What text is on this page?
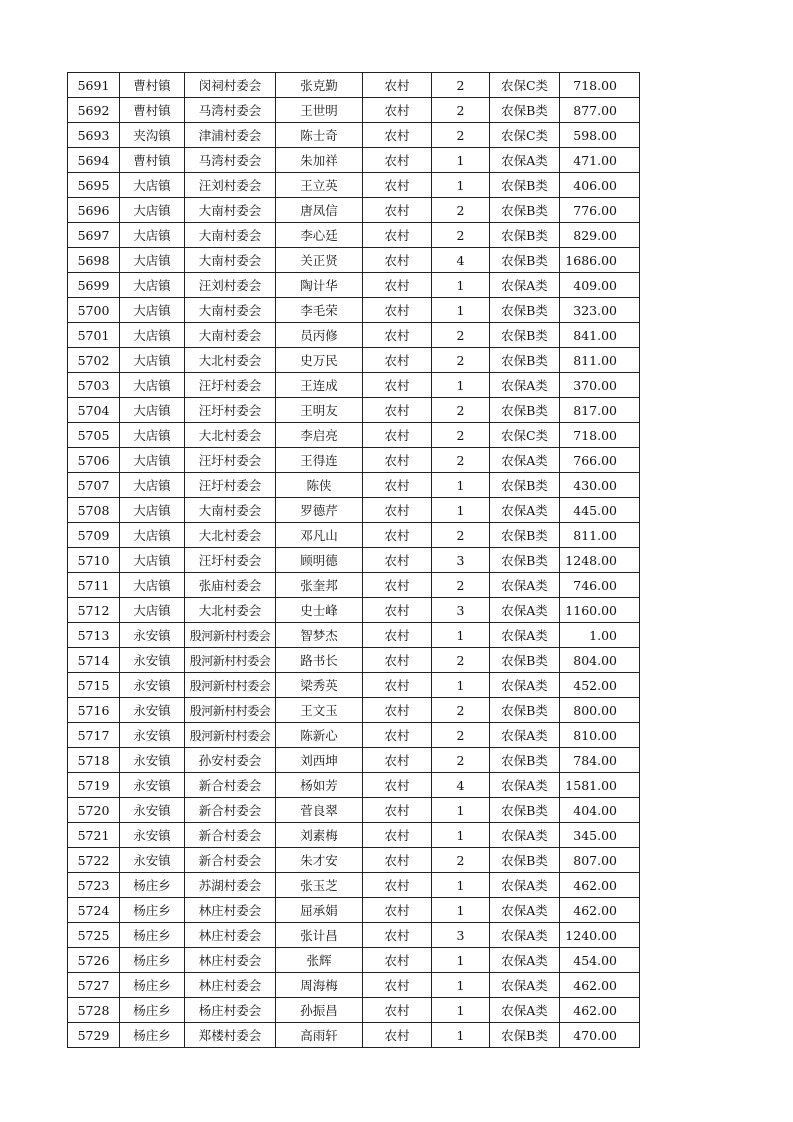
5691	曹村镇	闵祠村委会	张克勤	农村	2	农保C类	718.00
5692	曹村镇	马湾村委会	王世明	农村	2	农保B类	877.00
5693	夹沟镇	津浦村委会	陈士奇	农村	2	农保C类	598.00
5694	曹村镇	马湾村委会	朱加祥	农村	1	农保A类	471.00
5695	大店镇	汪刘村委会	王立英	农村	1	农保B类	406.00
5696	大店镇	大南村委会	唐凤信	农村	2	农保B类	776.00
5697	大店镇	大南村委会	李心廷	农村	2	农保B类	829.00
5698	大店镇	大南村委会	关正贤	农村	4	农保B类	1686.00
5699	大店镇	汪刘村委会	陶计华	农村	1	农保A类	409.00
5700	大店镇	大南村委会	李毛荣	农村	1	农保B类	323.00
5701	大店镇	大南村委会	员丙修	农村	2	农保B类	841.00
5702	大店镇	大北村委会	史万民	农村	2	农保B类	811.00
5703	大店镇	汪圩村委会	王连成	农村	1	农保A类	370.00
5704	大店镇	汪圩村委会	王明友	农村	2	农保B类	817.00
5705	大店镇	大北村委会	李启亮	农村	2	农保C类	718.00
5706	大店镇	汪圩村委会	王得连	农村	2	农保A类	766.00
5707	大店镇	汪圩村委会	陈侠	农村	1	农保B类	430.00
5708	大店镇	大南村委会	罗德芹	农村	1	农保A类	445.00
5709	大店镇	大北村委会	邓凡山	农村	2	农保B类	811.00
5710	大店镇	汪圩村委会	顾明德	农村	3	农保B类	1248.00
5711	大店镇	张庙村委会	张奎邦	农村	2	农保A类	746.00
5712	大店镇	大北村委会	史士峰	农村	3	农保A类	1160.00
5713	永安镇	殷河新村村委会	智梦杰	农村	1	农保A类	1.00
5714	永安镇	殷河新村村委会	路书长	农村	2	农保B类	804.00
5715	永安镇	殷河新村村委会	梁秀英	农村	1	农保A类	452.00
5716	永安镇	殷河新村村委会	王文玉	农村	2	农保B类	800.00
5717	永安镇	殷河新村村委会	陈新心	农村	2	农保A类	810.00
5718	永安镇	孙安村委会	刘西坤	农村	2	农保B类	784.00
5719	永安镇	新合村委会	杨如芳	农村	4	农保A类	1581.00
5720	永安镇	新合村委会	菅良翠	农村	1	农保B类	404.00
5721	永安镇	新合村委会	刘素梅	农村	1	农保A类	345.00
5722	永安镇	新合村委会	朱才安	农村	2	农保B类	807.00
5723	杨庄乡	苏湖村委会	张玉芝	农村	1	农保A类	462.00
5724	杨庄乡	林庄村委会	屈承娟	农村	1	农保A类	462.00
5725	杨庄乡	林庄村委会	张计昌	农村	3	农保A类	1240.00
5726	杨庄乡	林庄村委会	张辉	农村	1	农保A类	454.00
5727	杨庄乡	林庄村委会	周海梅	农村	1	农保A类	462.00
5728	杨庄乡	杨庄村委会	孙振昌	农村	1	农保A类	462.00
5729	杨庄乡	郑楼村委会	高雨轩	农村	1	农保B类	470.00
